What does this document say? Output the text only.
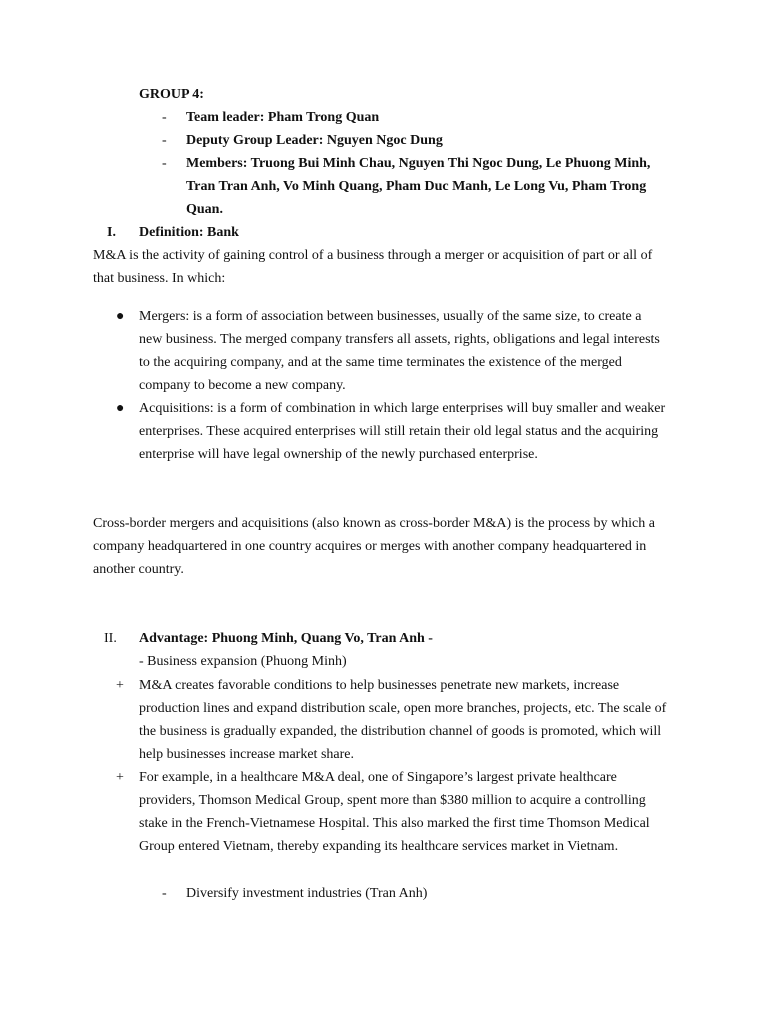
GROUP 4:
- Team leader: Pham Trong Quan
- Deputy Group Leader: Nguyen Ngoc Dung
- Members: Truong Bui Minh Chau, Nguyen Thi Ngoc Dung, Le Phuong Minh,
Tran Tran Anh, Vo Minh Quang, Pham Duc Manh, Le Long Vu, Pham Trong
Quan.
I. Definition: Bank
M&A is the activity of gaining control of a business through a merger or acquisition of part or all of
that business. In which:
● Mergers: is a form of association between businesses, usually of the same size, to create a
new business. The merged company transfers all assets, rights, obligations and legal interests
to the acquiring company, and at the same time terminates the existence of the merged
company to become a new company.
● Acquisitions: is a form of combination in which large enterprises will buy smaller and weaker
enterprises. These acquired enterprises will still retain their old legal status and the acquiring
enterprise will have legal ownership of the newly purchased enterprise.
Cross-border mergers and acquisitions (also known as cross-border M&A) is the process by which a
company headquartered in one country acquires or merges with another company headquartered in
another country.
II. Advantage: Phuong Minh, Quang Vo, Tran Anh -
- Business expansion (Phuong Minh)
+ M&A creates favorable conditions to help businesses penetrate new markets, increase
production lines and expand distribution scale, open more branches, projects, etc. The scale of
the business is gradually expanded, the distribution channel of goods is promoted, which will
help businesses increase market share.
+ For example, in a healthcare M&A deal, one of Singapore’s largest private healthcare
providers, Thomson Medical Group, spent more than $380 million to acquire a controlling
stake in the French-Vietnamese Hospital. This also marked the first time Thomson Medical
Group entered Vietnam, thereby expanding its healthcare services market in Vietnam.
- Diversify investment industries (Tran Anh)
